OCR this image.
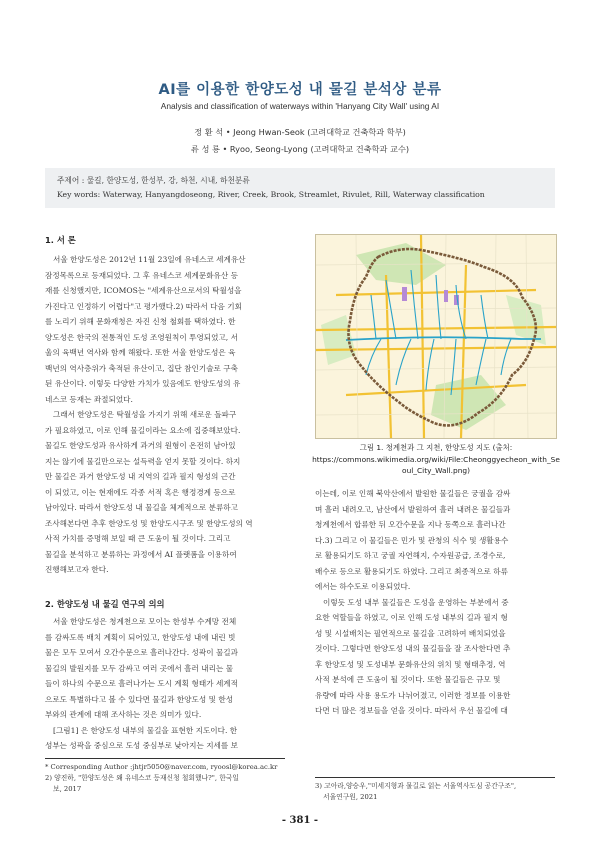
AI를 이용한 한양도성 내 물길 분석상 분류
Analysis and classification of waterways within 'Hanyang City Wall' using AI
정 환 석 • Jeong Hwan-Seok (고려대학교 건축학과 학부)
류 성 룡 • Ryoo, Seong-Lyong (고려대학교 건축학과 교수)
주제어 : 물길, 한양도성, 한성부, 강, 하천, 시내, 하천분류
Key words: Waterway, Hanyangdoseong, River, Creek, Brook, Streamlet, Rivulet, Rill, Waterway classification
1. 서 론
서울 한양도성은 2012년 11월 23일에 유네스코 세계유산
잠정목록으로 등재되었다. 그 후 유네스코 세계문화유산 등
재를 신청했지만, ICOMOS는 "세계유산으로서의 탁월성을
가진다고 인정하기 어렵다"고 평가했다.2) 따라서 다음 기회
를 노리기 위해 문화재청은 자진 신청 철회를 택하였다. 한
양도성은 한국의 전통적인 도성 조영원칙이 투영되었고, 서
울의 육백년 역사와 함께 해왔다. 또한 서울 한양도성은 육
백년의 역사층위가 축적된 유산이고, 집단 참인기술로 구축
된 유산이다. 이렇듯 다양한 가치가 있음에도 한양도성의 유
네스코 등재는 좌절되었다.
그래서 한양도성은 탁월성을 가지기 위해 새로운 돌파구
가 필요하였고, 이로 인해 물길이라는 요소에 집중해보았다.
물길도 한양도성과 유사하게 과거의 원형이 온전히 남아있
지는 않기에 물길만으로는 설득력을 얻지 못할 것이다. 하지
만 물길은 과거 한양도성 내 지역의 길과 필지 형성의 근간
이 되었고, 이는 현재에도 각종 서적 혹은 행정경계 등으로
남아있다. 따라서 한양도성 내 물길을 체계적으로 분류하고
조사해본다면 추후 한양도성 및 한양도시구조 및 한양도성의 역
사적 가치를 증명해 보일 때 큰 도움이 될 것이다. 그리고
물길을 분석하고 분류하는 과정에서 AI 플랫폼을 이용하여
진행해보고자 한다.
2. 한양도성 내 물길 연구의 의의
서울 한양도성은 청계천으로 모이는 한성부 수계망 전체
를 감싸도록 배치 계획이 되어있고, 한양도성 내에 내린 빗
물은 모두 모여서 오간수문으로 흘러나간다. 성곽이 물길과
물길의 발원지를 모두 감싸고 여러 곳에서 흘러 내리는 물
들이 하나의 수문으로 흘러나가는 도시 계획 형태가 세계적
으로도 특별하다고 볼 수 있다면 물길과 한양도성 및 한성
부와의 관계에 대해 조사하는 것은 의미가 있다.
[그림1] 은 한양도성 내부의 물길을 표현한 지도이다. 한
성부는 성곽을 중심으로 도성 중심부로 낮아지는 지세를 보
* Corresponding Author :jhtjr5050@naver.com, ryoosl@korea.ac.kr
2) 양진하, "한양도성은 왜 유네스코 등재신청 철회했나?", 한국일
보, 2017
그림 1. 청계천과 그 지천, 한양도성 지도 (출처:
https://commons.wikimedia.org/wiki/File:Cheonggyecheon_with_Se
oul_City_Wall.png)
이는데, 이로 인해 북악산에서 발원한 물길들은 궁궐을 감싸
며 흘러 내려오고, 남산에서 발원하여 흘러 내려온 물길들과
청계천에서 합류한 뒤 오간수문을 지나 동쪽으로 흘러나간
다.3) 그리고 이 물길들은 민가 및 관청의 식수 및 생활용수
로 활용되기도 하고 궁궐 자연해지, 수자원공급, 조경수로,
배수로 등으로 활용되기도 하였다. 그리고 최종적으로 하류
에서는 하수도로 이용되었다.
이렇듯 도성 내부 물길들은 도성을 운영하는 부분에서 중
요한 역할들을 하였고, 이로 인해 도성 내부의 길과 필지 형
성 및 시설배치는 필연적으로 물길을 고려하여 배치되었을
것이다. 그렇다면 한양도성 내의 물길들을 잘 조사한다면 추
후 한양도성 및 도성내부 문화유산의 위치 및 형태추정, 역
사적 분석에 큰 도움이 될 것이다. 또한 물길들은 규모 및
유량에 따라 사용 용도가 나뉘어졌고, 이러한 정보를 이용한
다면 더 많은 정보들을 얻을 것이다. 따라서 우선 물길에 대
3) 고아라,양승우,"미세지형과 물길로 읽는 서울역사도심 공간구조",
서울연구원, 2021
- 381 -
